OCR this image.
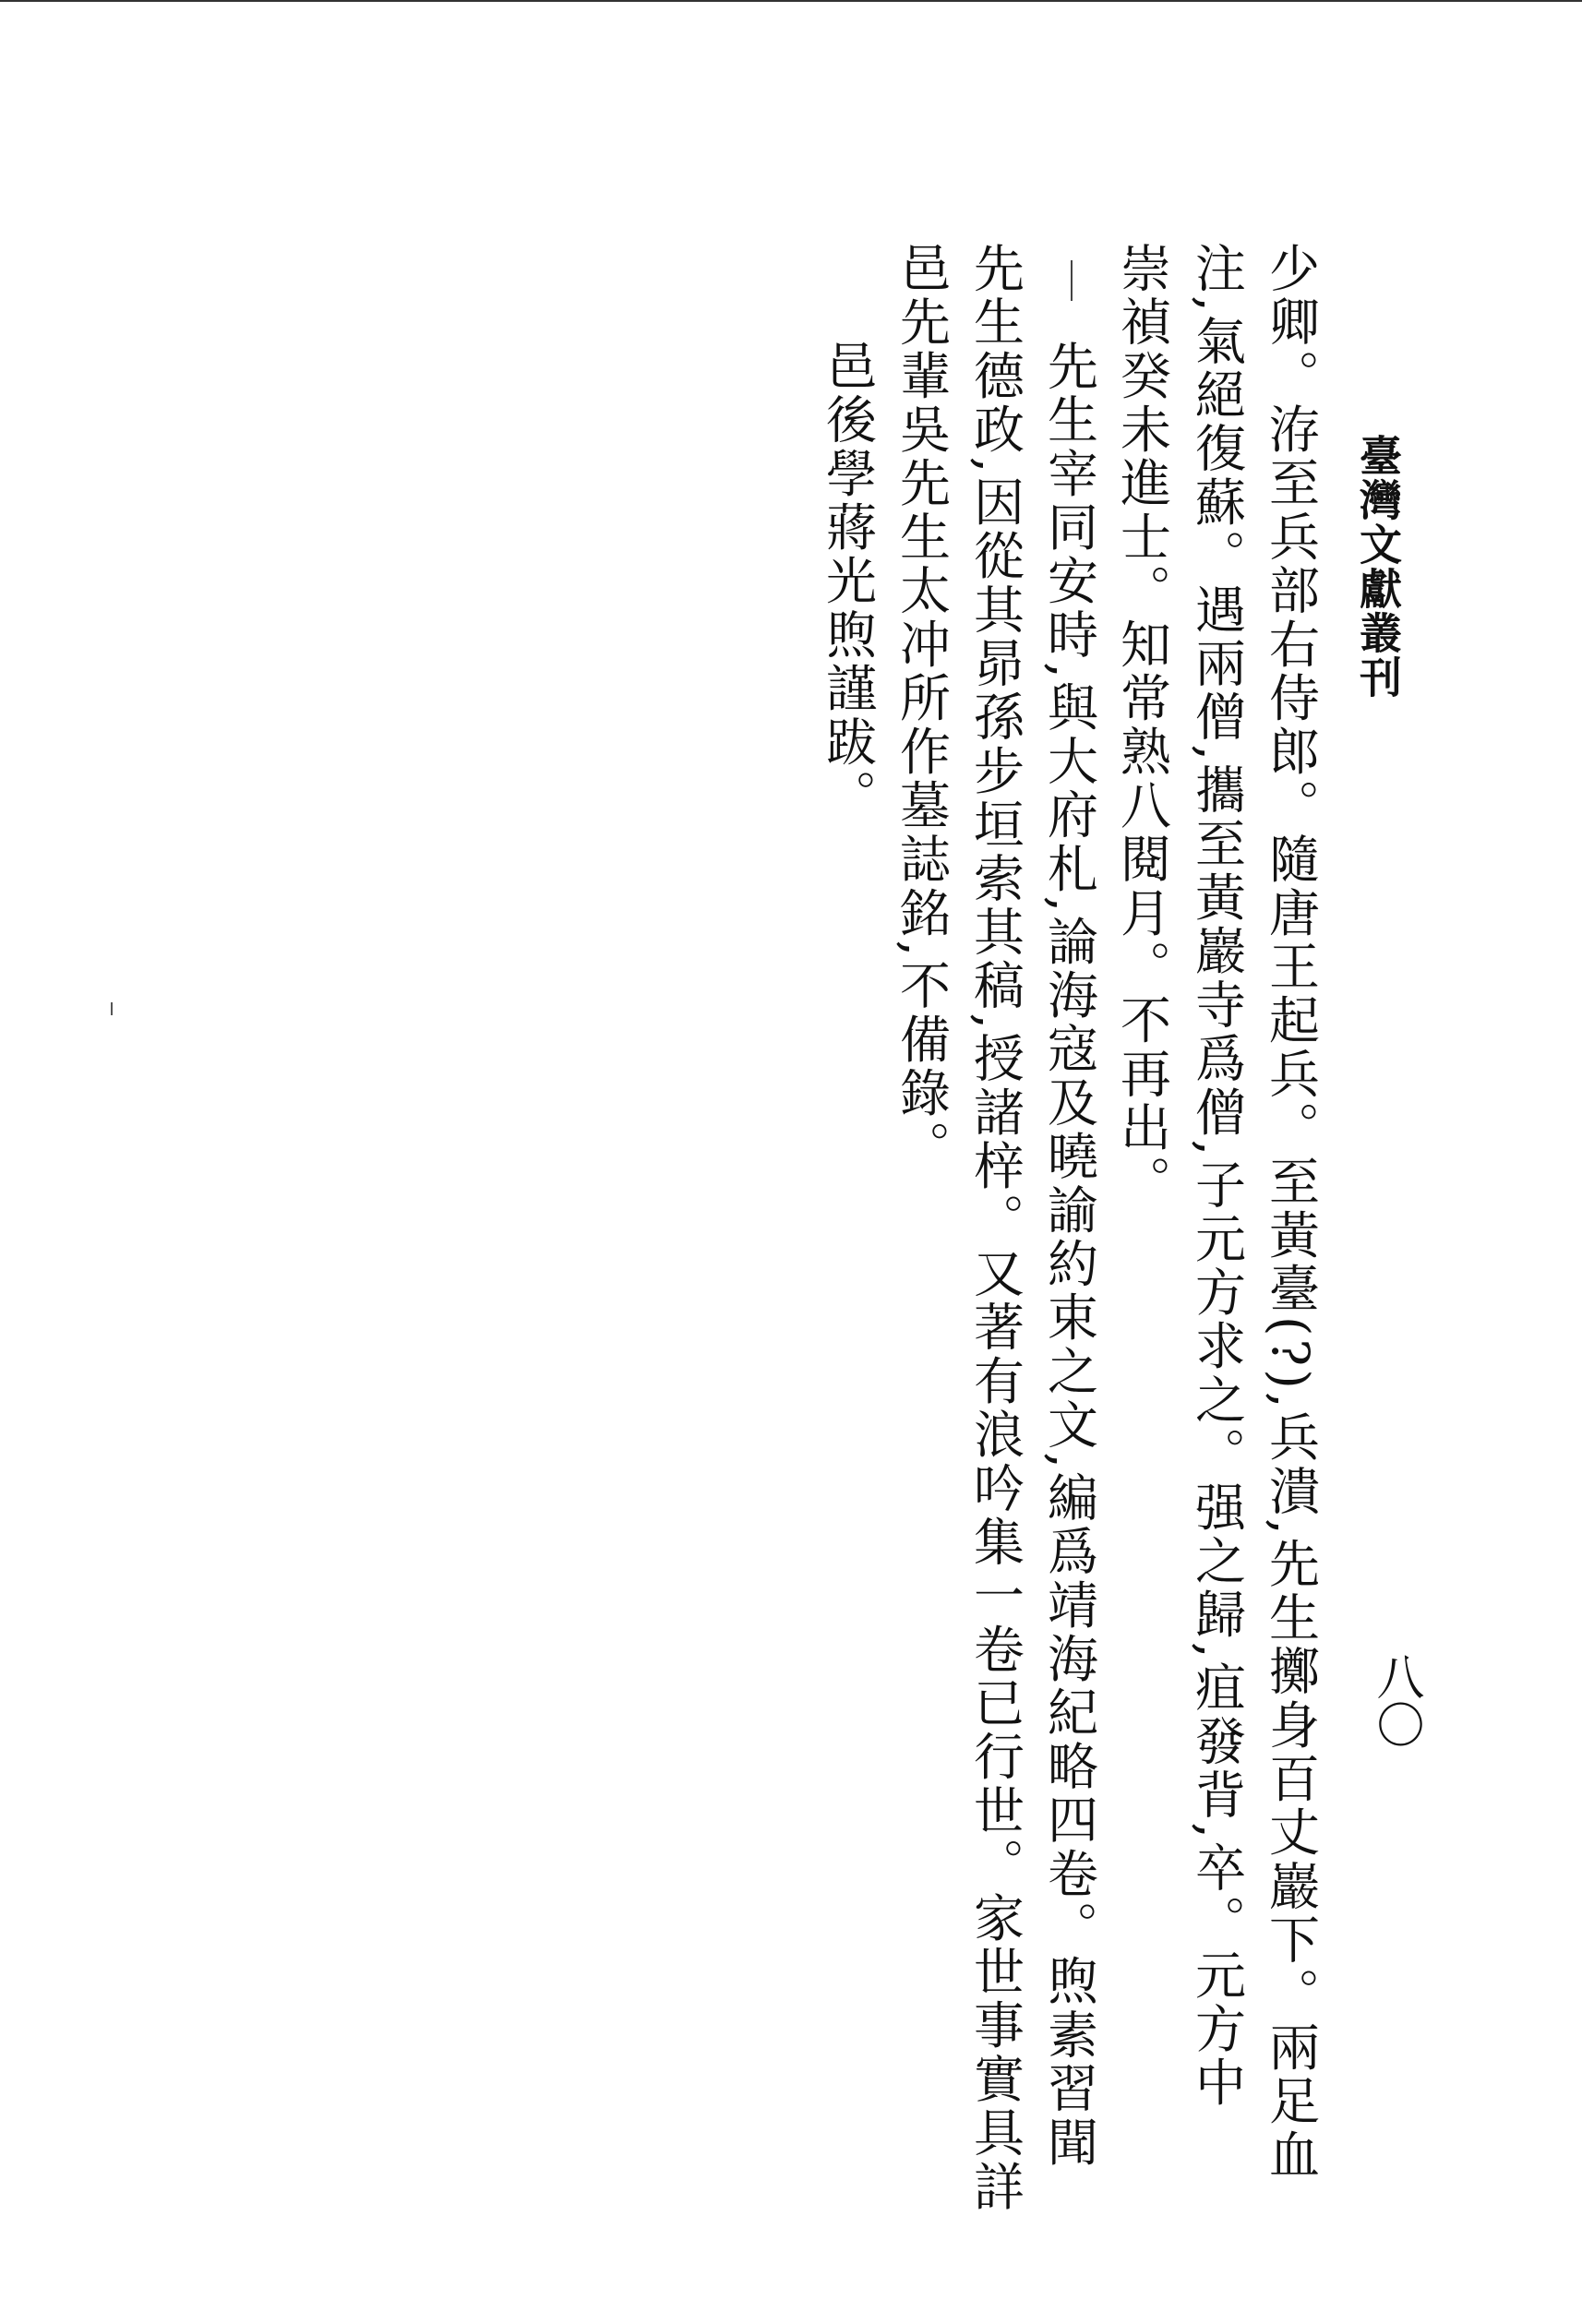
臺灣文獻叢刊
八〇
少卿。洊至兵部右侍郎。隨唐王起兵。至黃臺(?),兵潰,先生擲身百丈巖下。兩足血
注,氣絕復蘇。遇兩僧,攜至黃巖寺爲僧,子元方求之。强之歸,疽發背,卒。元方中
崇禎癸未進士。知常熟八閱月。不再出。
先生宰同安時,與大府札,論海寇及曉諭約束之文,編爲靖海紀略四卷。煦素習聞
先生德政,因從其昴孫步垣索其稿,授諸梓。又著有浪吟集一卷已行世。家世事實具詳
邑先輩吳先生太冲所作墓誌銘,不備錄。
邑後學蔣光煦謹跋。
